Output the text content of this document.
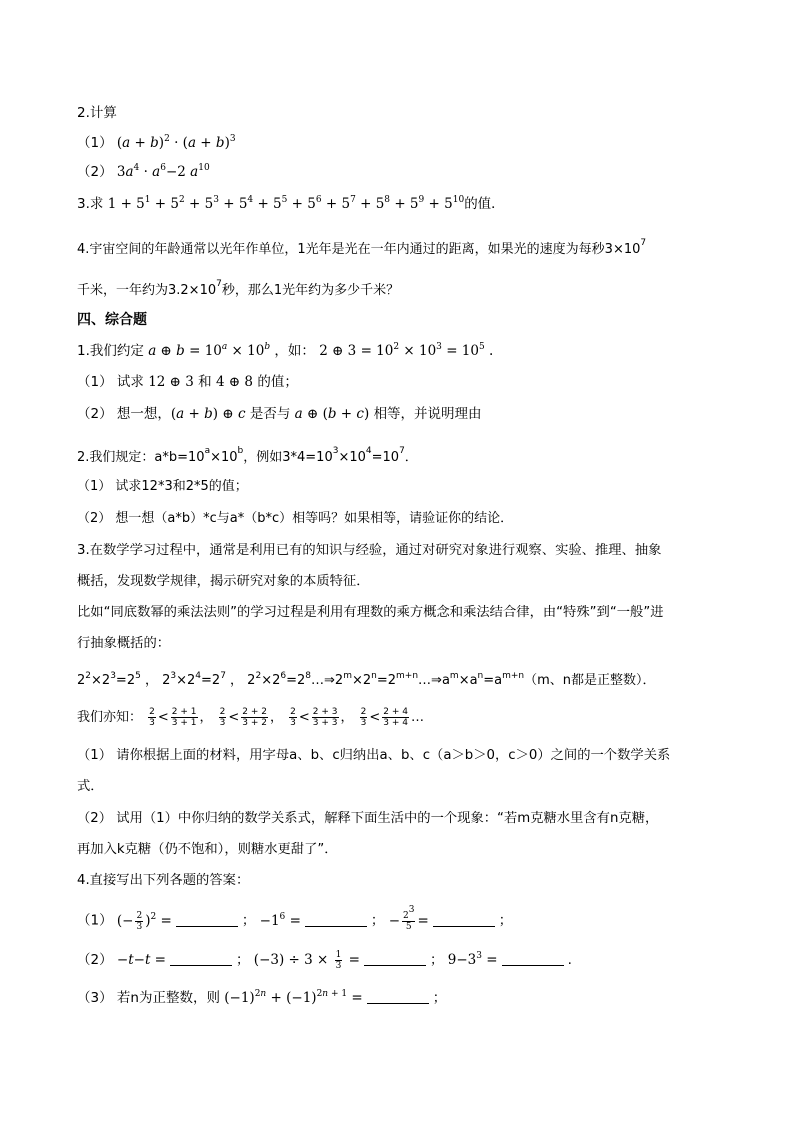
2.计算
（1） $(a + b)^2 \cdot (a + b)^3$
（2） $3a^4 \cdot a^6-2$ $a^{10}$
3.求 $1 + 5^1 + 5^2 + 5^3 + 5^4 + 5^5 + 5^6 + 5^7 + 5^8 + 5^9 + 5^{10}$的值．
4.宇宙空间的年龄通常以光年作单位，1光年是光在一年内通过的距离，如果光的速度为每秒$3\times 10^7$
千米，一年约为$3.2\times 10^7$秒，那么1光年约为多少千米？
四、综合题
1.我们约定 a ⊕ $b = 10^a \times 10^b$ ，如： 2 ⊕ $3 = 10^2 \times 10^3 = 10^5$ .
（1） 试求 12 ⊕ 3 和 4 ⊕ 8 的值；
（2） 想一想，(a + b) ⊕ c 是否与 a ⊕ (b + c) 相等，并说明理由
2.我们规定：$a*b=10^a\times 10^b$，例如$3*4=10^3\times 10^4=10^7$．
（1） 试求12*3和2*5的值；
（2） 想一想（a*b）*c与a*（b*c）相等吗？如果相等，请验证你的结论．
3.在数学学习过程中，通常是利用已有的知识与经验，通过对研究对象进行观察、实验、推理、抽象
概括，发现数学规律，揭示研究对象的本质特征．
比如“同底数幂的乘法法则”的学习过程是利用有理数的乘方概念和乘法结合律，由“特殊”到“一般”进
行抽象概括的：
$2^2\times 2^3=2^5$ ， $2^3\times 2^4=2^7$ ， $2^2\times 2^6=2^8\dots\Rightarrow 2^m\times 2^n=2^{m+n}\dots\Rightarrow a^m\times a^n=a^{m+n}(m$、n都是正整数）．
我们亦知： $\frac{2}{3} < \frac{2 + 1}{3 + 1}$ ， $\frac{2}{3} < \frac{2 + 2}{3 + 2}$ ， $\frac{2}{3} < \frac{2 + 3}{3 + 3}$ ， $\frac{2}{3} < \frac{2 + 4}{3 + 4}$ …
（1） 请你根据上面的材料，用字母a、b、c归纳出a、b、c（a＞b＞0，c＞0）之间的一个数学关系
式．
（2） 试用（1）中你归纳的数学关系式，解释下面生活中的一个现象：“若m克糖水里含有n克糖，
再加入k克糖（仍不饱和），则糖水更甜了”．
4.直接写出下列各题的答案：
（1） (− $\frac{2}{3} )^2$ =	； $-1^6$ =	； − $\frac{2^3}{5}$ =	；
（2） −t−t =	； $(-3) \div 3 \times \frac{1}{3}$ =	； $9-3^3$ =	.
（3） 若n为正整数，则 $(-1)^{2n} + (-1)^{2n + 1}$ =	；
